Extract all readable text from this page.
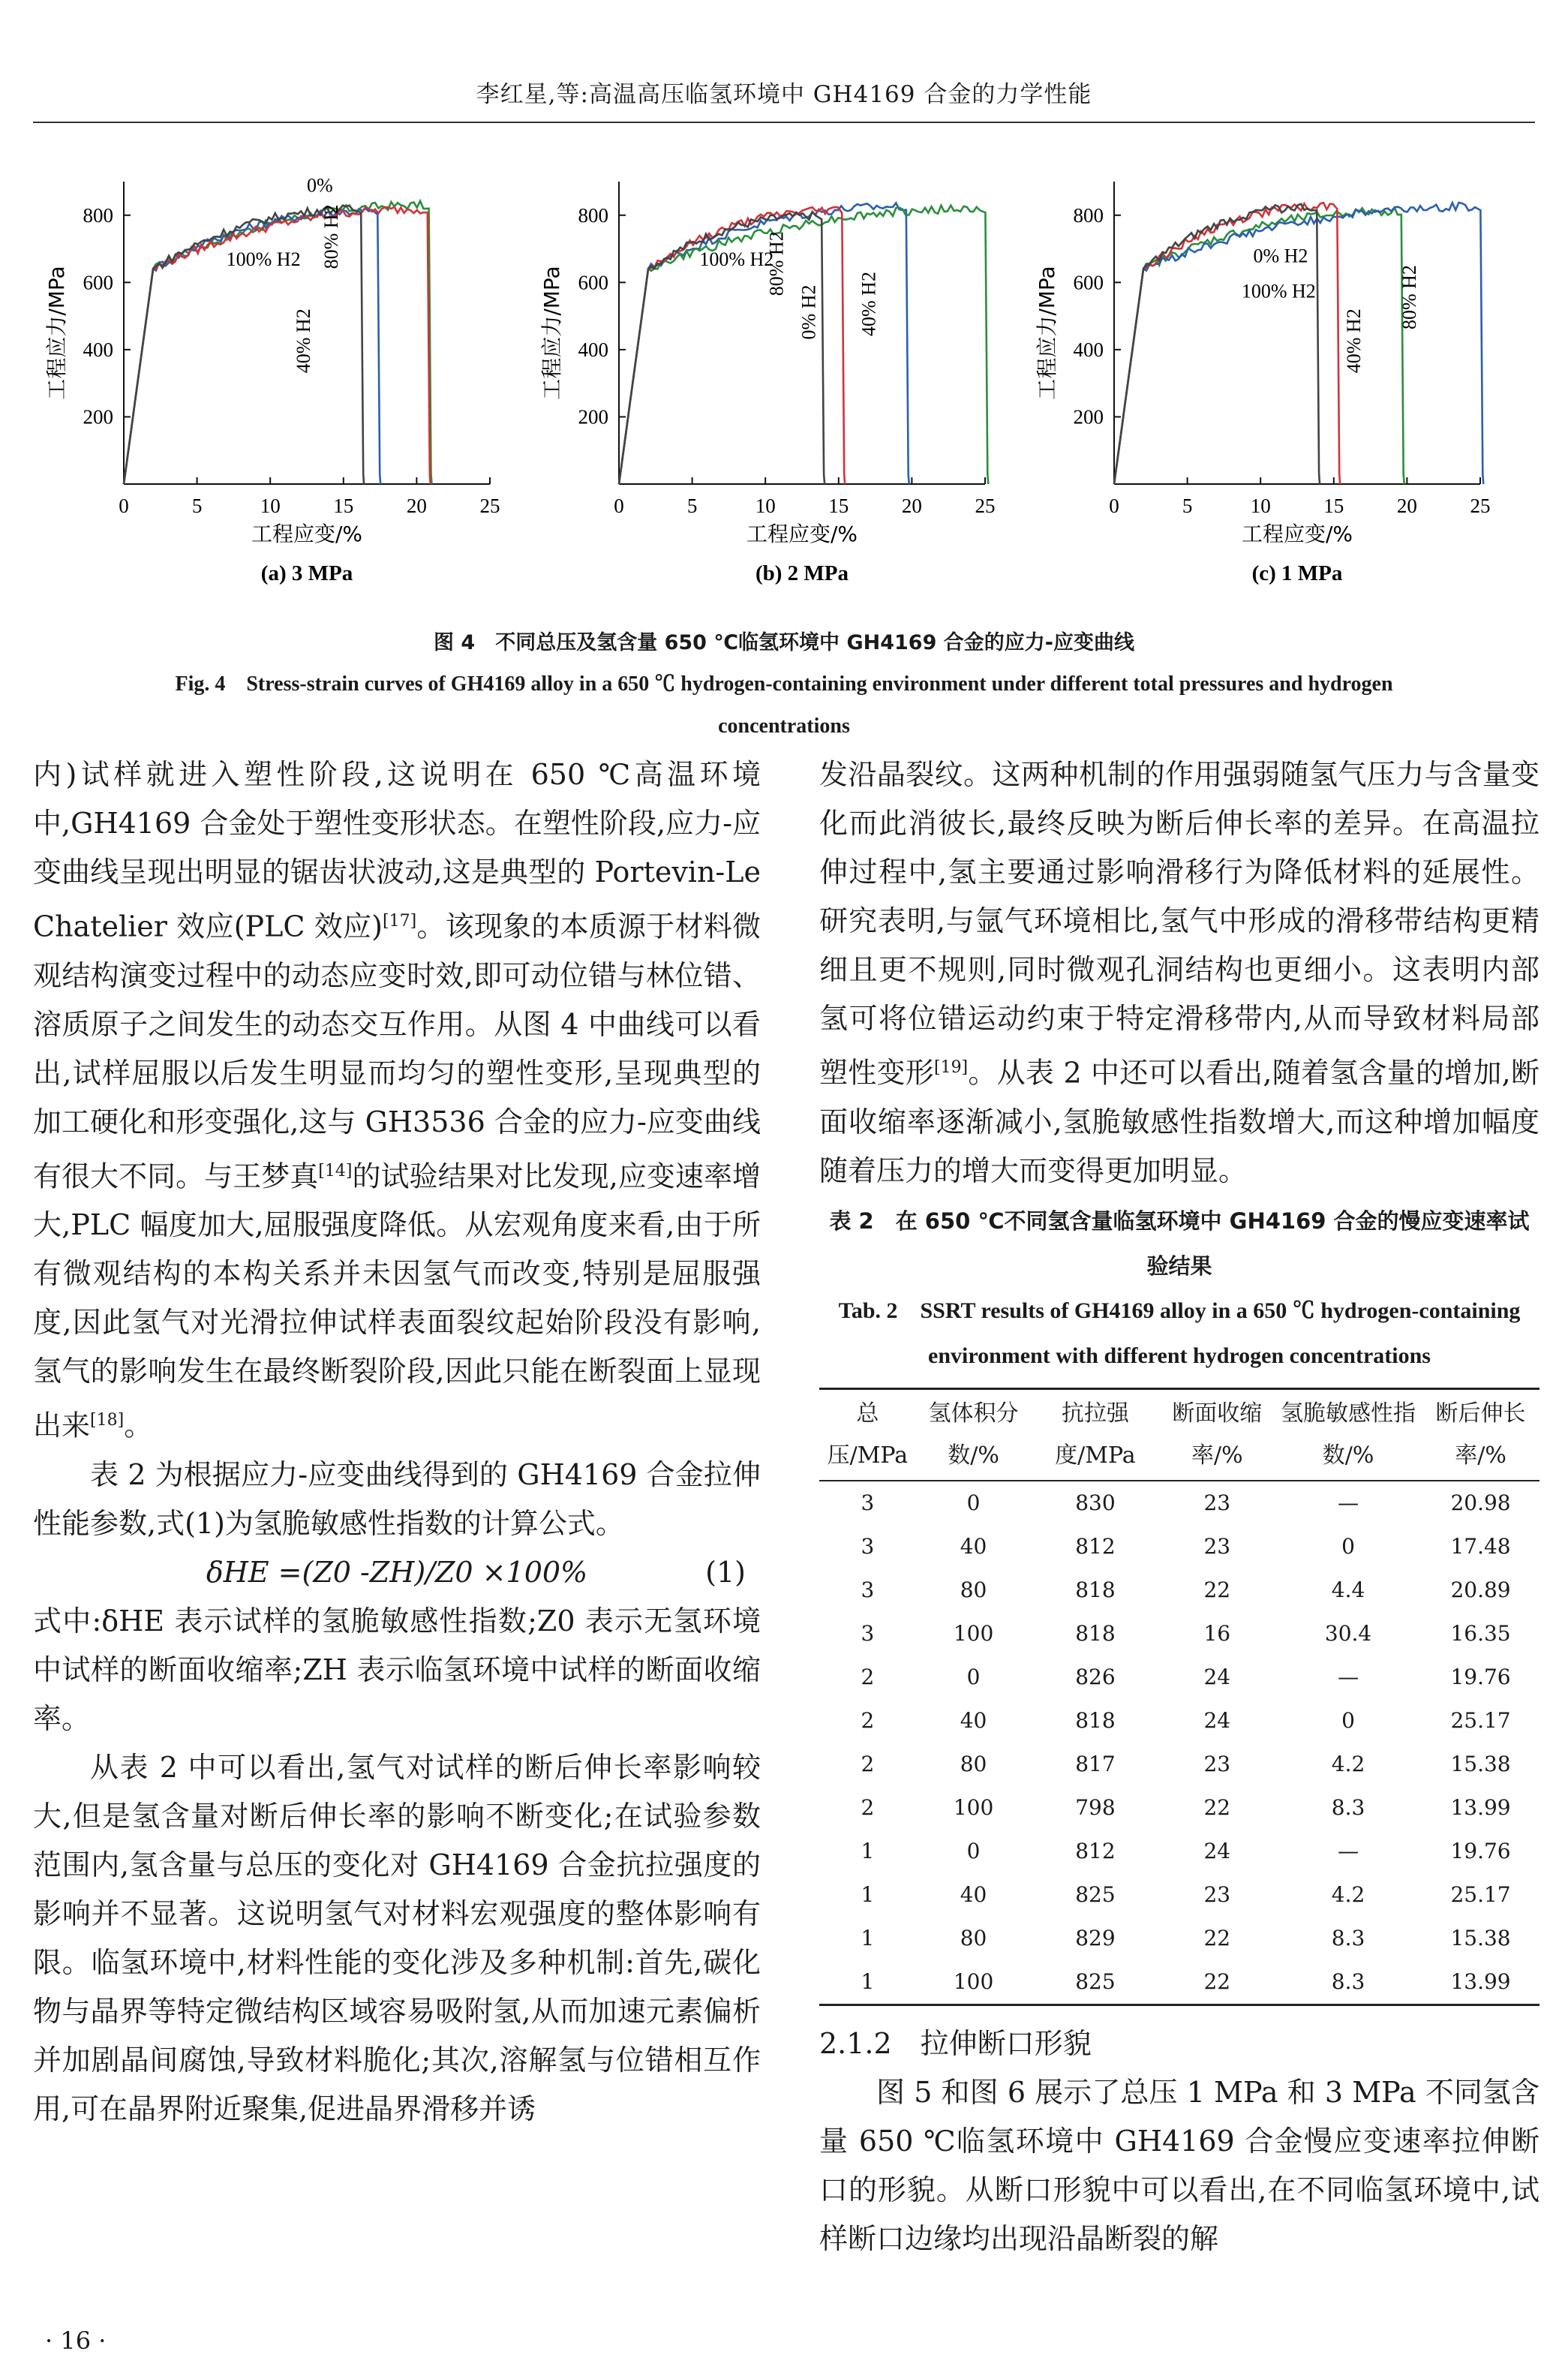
李红星,等:高温高压临氢环境中 GH4169 合金的力学性能
0	5	10	15	20	25
200
400
600
800
工程应变/%
工程应力/MPa
(a) 3 MPa
0%
100% H2
40% H2
80% H2
0	5	10	15	20	25
200
400
600
800
工程应变/%
工程应力/MPa
(b) 2 MPa
100% H2
80% H2
0% H2 40% H2
0	5	10	15	20	25
200
400
600
800
工程应变/%
工程应力/MPa
(c) 1 MPa
0% H2
100% H2
40% H2
80% H2
图 4　不同总压及氢含量 650 ℃临氢环境中 GH4169 合金的应力-应变曲线
Fig. 4　Stress-strain curves of GH4169 alloy in a 650 ℃ hydrogen-containing environment under different total pressures and hydrogen concentrations

内)试样就进入塑性阶段,这说明在 650 ℃高温环境中,GH4169 合金处于塑性变形状态。在塑性阶段,应力-应变曲线呈现出明显的锯齿状波动,这是典型的 Portevin-Le Chatelier 效应(PLC 效应)[17]。该现象的本质源于材料微观结构演变过程中的动态应变时效,即可动位错与林位错、溶质原子之间发生的动态交互作用。从图 4 中曲线可以看出,试样屈服以后发生明显而均匀的塑性变形,呈现典型的加工硬化和形变强化,这与 GH3536 合金的应力-应变曲线有很大不同。与王梦真[14]的试验结果对比发现,应变速率增大,PLC 幅度加大,屈服强度降低。从宏观角度来看,由于所有微观结构的本构关系并未因氢气而改变,特别是屈服强度,因此氢气对光滑拉伸试样表面裂纹起始阶段没有影响,氢气的影响发生在最终断裂阶段,因此只能在断裂面上显现出来[18]。

表 2 为根据应力-应变曲线得到的 GH4169 合金拉伸性能参数,式(1)为氢脆敏感性指数的计算公式。

δHE =(Z0 -ZH)/Z0 ×100%	(1)

式中:δHE 表示试样的氢脆敏感性指数;Z0 表示无氢环境中试样的断面收缩率;ZH 表示临氢环境中试样的断面收缩率。

从表 2 中可以看出,氢气对试样的断后伸长率影响较大,但是氢含量对断后伸长率的影响不断变化;在试验参数范围内,氢含量与总压的变化对 GH4169 合金抗拉强度的影响并不显著。这说明氢气对材料宏观强度的整体影响有限。临氢环境中,材料性能的变化涉及多种机制:首先,碳化物与晶界等特定微结构区域容易吸附氢,从而加速元素偏析并加剧晶间腐蚀,导致材料脆化;其次,溶解氢与位错相互作用,可在晶界附近聚集,促进晶界滑移并诱

发沿晶裂纹。这两种机制的作用强弱随氢气压力与含量变化而此消彼长,最终反映为断后伸长率的差异。在高温拉伸过程中,氢主要通过影响滑移行为降低材料的延展性。研究表明,与氩气环境相比,氢气中形成的滑移带结构更精细且更不规则,同时微观孔洞结构也更细小。这表明内部氢可将位错运动约束于特定滑移带内,从而导致材料局部塑性变形[19]。从表 2 中还可以看出,随着氢含量的增加,断面收缩率逐渐减小,氢脆敏感性指数增大,而这种增加幅度随着压力的增大而变得更加明显。

表 2　在 650 ℃不同氢含量临氢环境中 GH4169 合金的慢应变速率试验结果
Tab. 2　SSRT results of GH4169 alloy in a 650 ℃ hydrogen-containing environment with different hydrogen concentrations
总压/MPa	氢体积分数/%	抗拉强度/MPa	断面收缩率/%	氢脆敏感性指数/%	断后伸长率/%
3	0	830	23	—	20.98
3	40	812	23	0	17.48
3	80	818	22	4.4	20.89
3	100	818	16	30.4	16.35
2	0	826	24	—	19.76
2	40	818	24	0	25.17
2	80	817	23	4.2	15.38
2	100	798	22	8.3	13.99
1	0	812	24	—	19.76
1	40	825	23	4.2	25.17
1	80	829	22	8.3	15.38
1	100	825	22	8.3	13.99
2.1.2　拉伸断口形貌

图 5 和图 6 展示了总压 1 MPa 和 3 MPa 不同氢含量 650 ℃临氢环境中 GH4169 合金慢应变速率拉伸断口的形貌。从断口形貌中可以看出,在不同临氢环境中,试样断口边缘均出现沿晶断裂的解

· 16 ·
